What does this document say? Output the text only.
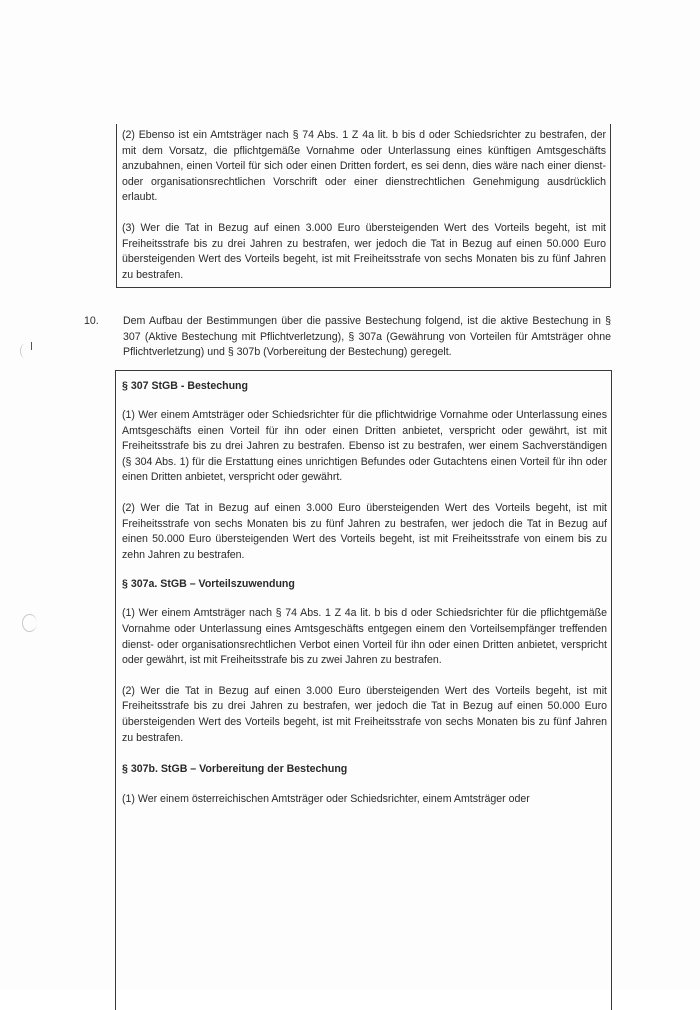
(2) Ebenso ist ein Amtsträger nach § 74 Abs. 1 Z 4a lit. b bis d oder Schiedsrichter zu bestrafen, der mit dem Vorsatz, die pflichtgemäße Vornahme oder Unterlassung eines künftigen Amtsgeschäfts anzubahnen, einen Vorteil für sich oder einen Dritten fordert, es sei denn, dies wäre nach einer dienst- oder organisationsrechtlichen Vorschrift oder einer dienstrechtlichen Genehmigung ausdrücklich erlaubt.

(3) Wer die Tat in Bezug auf einen 3.000 Euro übersteigenden Wert des Vorteils begeht, ist mit Freiheitsstrafe bis zu drei Jahren zu bestrafen, wer jedoch die Tat in Bezug auf einen 50.000 Euro übersteigenden Wert des Vorteils begeht, ist mit Freiheitsstrafe von sechs Monaten bis zu fünf Jahren zu bestrafen.

10. Dem Aufbau der Bestimmungen über die passive Bestechung folgend, ist die aktive Bestechung in § 307 (Aktive Bestechung mit Pflichtverletzung), § 307a (Gewährung von Vorteilen für Amtsträger ohne Pflichtverletzung) und § 307b (Vorbereitung der Bestechung) geregelt.
§ 307 StGB - Bestechung

(1) Wer einem Amtsträger oder Schiedsrichter für die pflichtwidrige Vornahme oder Unterlassung eines Amtsgeschäfts einen Vorteil für ihn oder einen Dritten anbietet, verspricht oder gewährt, ist mit Freiheitsstrafe bis zu drei Jahren zu bestrafen. Ebenso ist zu bestrafen, wer einem Sachverständigen (§ 304 Abs. 1) für die Erstattung eines unrichtigen Befundes oder Gutachtens einen Vorteil für ihn oder einen Dritten anbietet, verspricht oder gewährt.

(2) Wer die Tat in Bezug auf einen 3.000 Euro übersteigenden Wert des Vorteils begeht, ist mit Freiheitsstrafe von sechs Monaten bis zu fünf Jahren zu bestrafen, wer jedoch die Tat in Bezug auf einen 50.000 Euro übersteigenden Wert des Vorteils begeht, ist mit Freiheitsstrafe von einem bis zu zehn Jahren zu bestrafen.

§ 307a. StGB – Vorteilszuwendung

(1) Wer einem Amtsträger nach § 74 Abs. 1 Z 4a lit. b bis d oder Schiedsrichter für die pflichtgemäße Vornahme oder Unterlassung eines Amtsgeschäfts entgegen einem den Vorteilsempfänger treffenden dienst- oder organisationsrechtlichen Verbot einen Vorteil für ihn oder einen Dritten anbietet, verspricht oder gewährt, ist mit Freiheitsstrafe bis zu zwei Jahren zu bestrafen.

(2) Wer die Tat in Bezug auf einen 3.000 Euro übersteigenden Wert des Vorteils begeht, ist mit Freiheitsstrafe bis zu drei Jahren zu bestrafen, wer jedoch die Tat in Bezug auf einen 50.000 Euro übersteigenden Wert des Vorteils begeht, ist mit Freiheitsstrafe von sechs Monaten bis zu fünf Jahren zu bestrafen.

§ 307b. StGB – Vorbereitung der Bestechung

(1) Wer einem österreichischen Amtsträger oder Schiedsrichter, einem Amtsträger oder
